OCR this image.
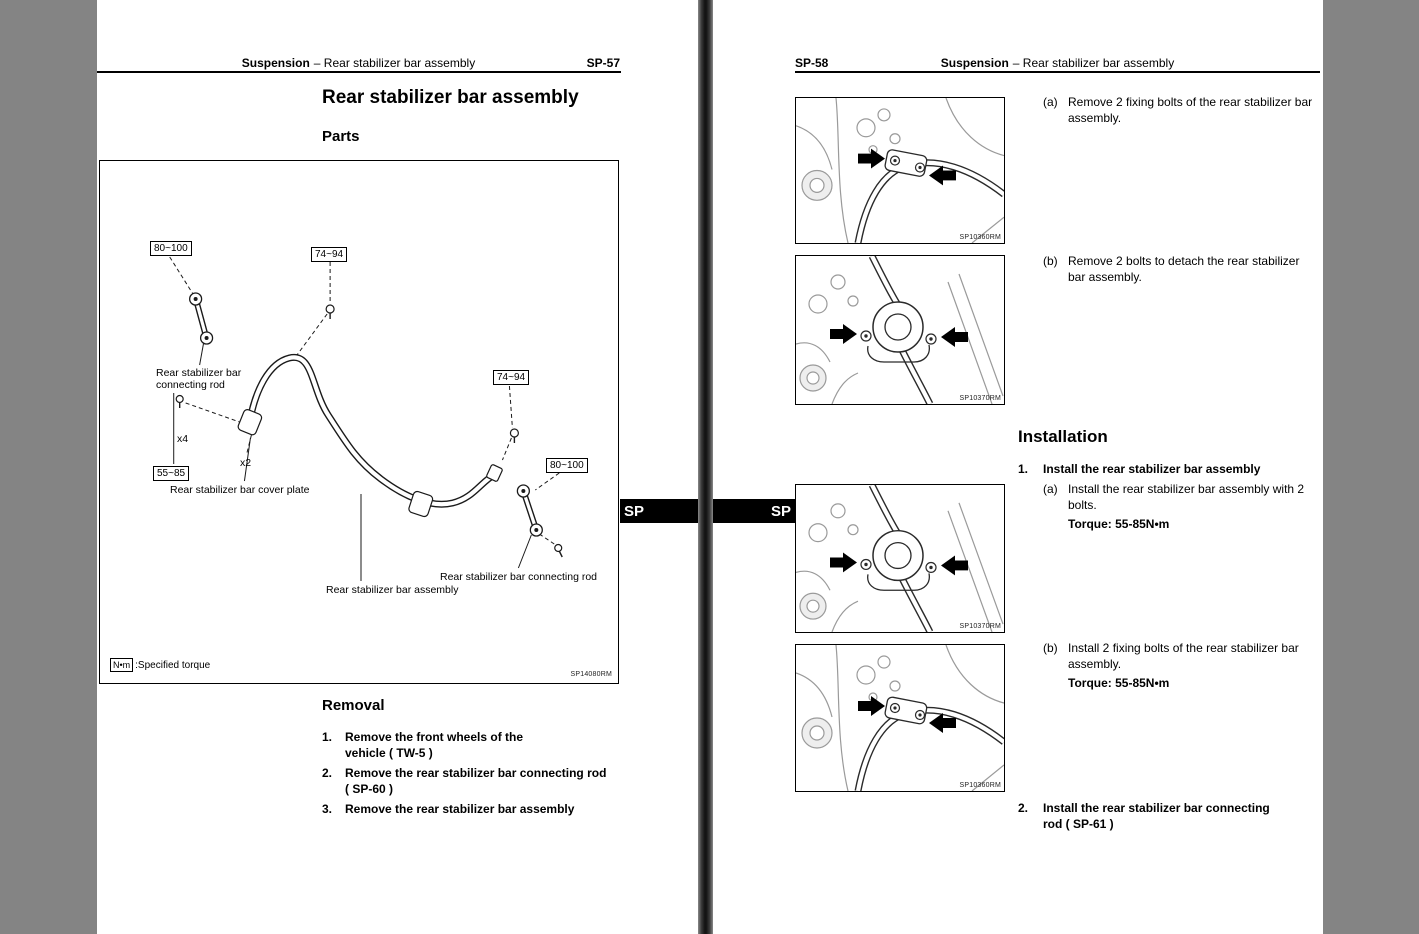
Suspension – Rear stabilizer bar assembly	SP-57
Rear stabilizer bar assembly
Parts
80~100
74~94
74~94
80~100
55~85
Rear stabilizer bar
connecting rod
x4
x2
Rear stabilizer bar cover plate
Rear stabilizer bar assembly
Rear stabilizer bar connecting rod
N•m :Specified torque
SP14080RM
Removal
1.	Remove the front wheels of the
vehicle ( TW-5 )
2.	Remove the rear stabilizer bar connecting rod
( SP-60 )
3.	Remove the rear stabilizer bar assembly
SP
SP-58	Suspension – Rear stabilizer bar assembly
SP10360RM
SP10370RM
(a) Remove 2 fixing bolts of the rear stabilizer bar
assembly.
(b) Remove 2 bolts to detach the rear stabilizer
bar assembly.
Installation
1.	Install the rear stabilizer bar assembly
SP10370RM
(a) Install the rear stabilizer bar assembly with 2
bolts.
Torque: 55-85N•m
SP10360RM
(b) Install 2 fixing bolts of the rear stabilizer bar
assembly.
Torque: 55-85N•m
2.	Install the rear stabilizer bar connecting
rod ( SP-61 )
SP
